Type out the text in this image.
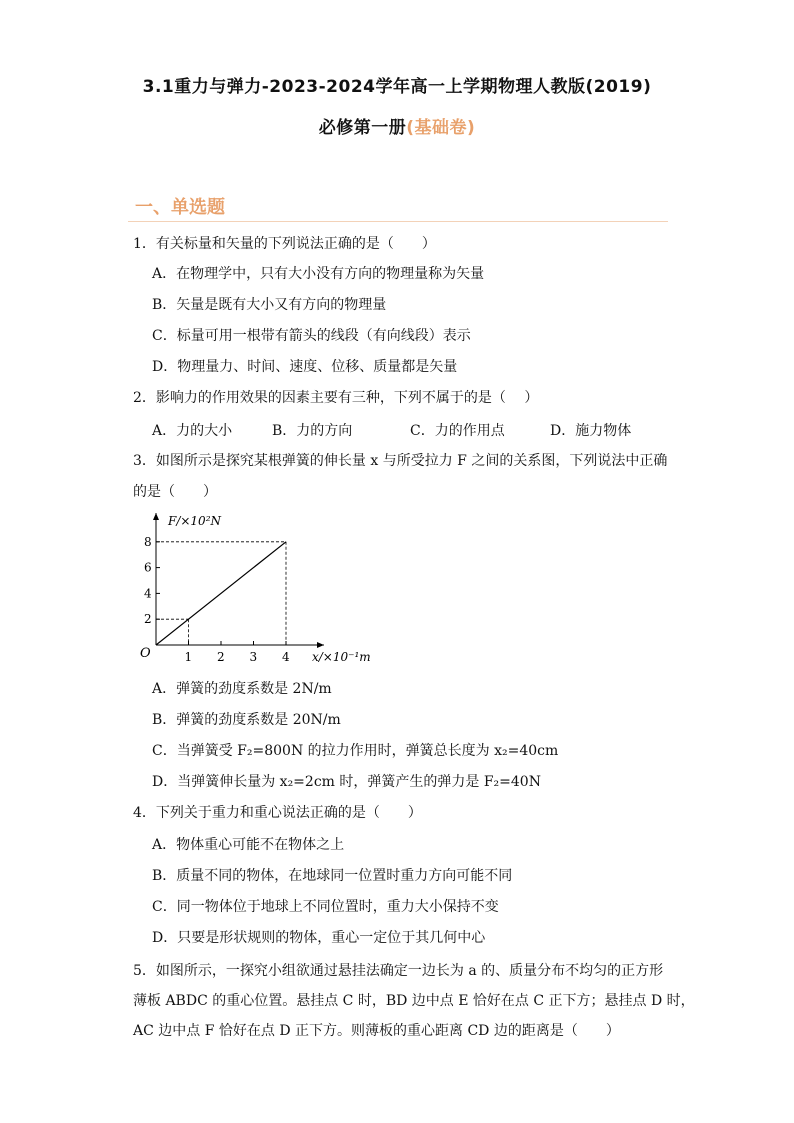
3.1重力与弹力-2023-2024学年高一上学期物理人教版(2019)
必修第一册(基础卷)
一、单选题
1．有关标量和矢量的下列说法正确的是（　　）
A．在物理学中，只有大小没有方向的物理量称为矢量
B．矢量是既有大小又有方向的物理量
C．标量可用一根带有箭头的线段（有向线段）表示
D．物理量力、时间、速度、位移、质量都是矢量
2．影响力的作用效果的因素主要有三种，下列不属于的是（　 ）
A．力的大小	B．力的方向	C．力的作用点	D．施力物体
3．如图所示是探究某根弹簧的伸长量 x 与所受拉力 F 之间的关系图，下列说法中正确
的是（　　）
F/×10²N
x/×10⁻¹m
O	1 2 3 4
2
4
6
8
A．弹簧的劲度系数是 2N/m
B．弹簧的劲度系数是 20N/m
C．当弹簧受 F₂=800N 的拉力作用时，弹簧总长度为 x₂=40cm
D．当弹簧伸长量为 x₂=2cm 时，弹簧产生的弹力是 F₂=40N
4．下列关于重力和重心说法正确的是（　　）
A．物体重心可能不在物体之上
B．质量不同的物体，在地球同一位置时重力方向可能不同
C．同一物体位于地球上不同位置时，重力大小保持不变
D．只要是形状规则的物体，重心一定位于其几何中心
5．如图所示，一探究小组欲通过悬挂法确定一边长为 a 的、质量分布不均匀的正方形
薄板 ABDC 的重心位置。悬挂点 C 时，BD 边中点 E 恰好在点 C 正下方；悬挂点 D 时，
AC 边中点 F 恰好在点 D 正下方。则薄板的重心距离 CD 边的距离是（　　）
